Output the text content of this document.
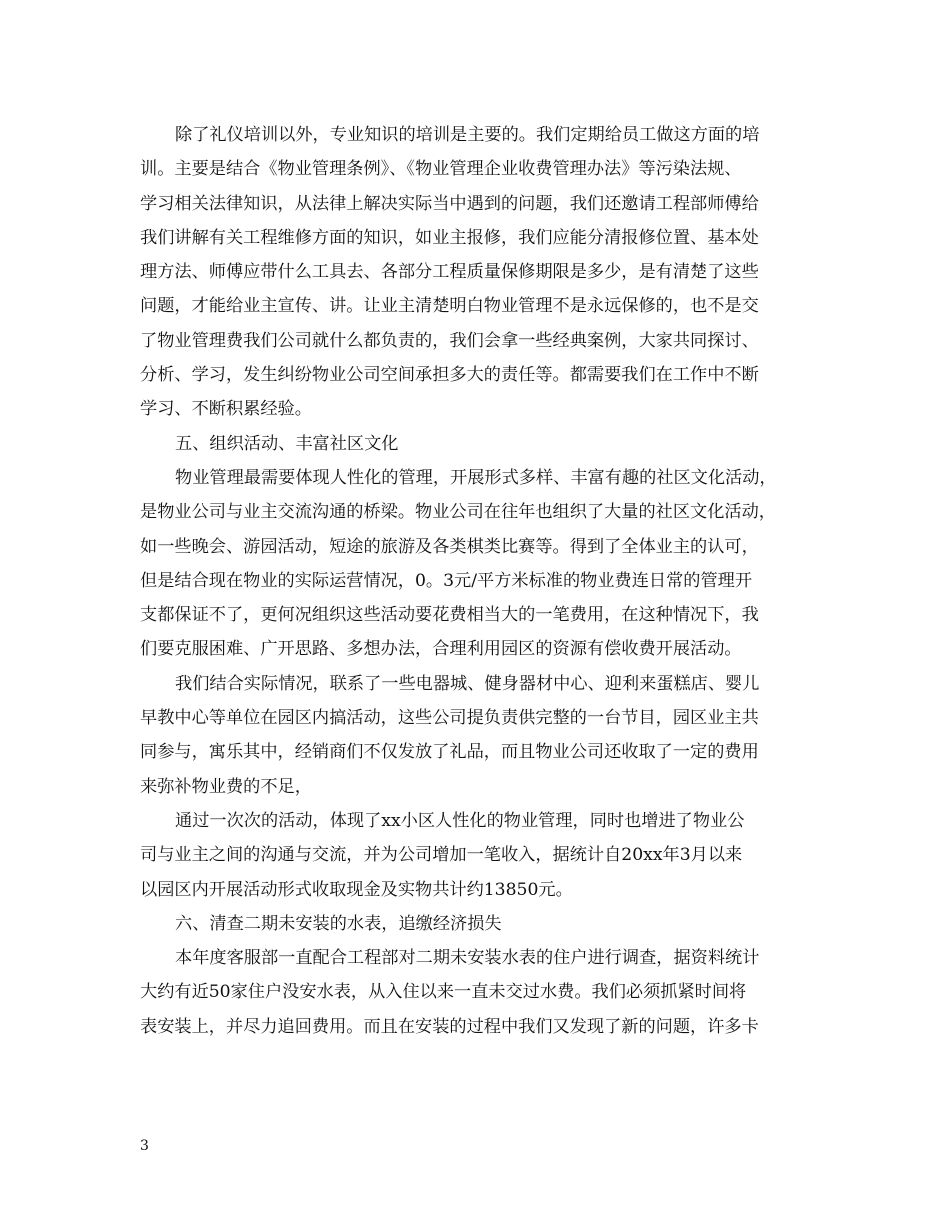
除了礼仪培训以外，专业知识的培训是主要的。我们定期给员工做这方面的培
训。主要是结合《物业管理条例》、《物业管理企业收费管理办法》等污染法规、
学习相关法律知识，从法律上解决实际当中遇到的问题，我们还邀请工程部师傅给
我们讲解有关工程维修方面的知识，如业主报修，我们应能分清报修位置、基本处
理方法、师傅应带什么工具去、各部分工程质量保修期限是多少，是有清楚了这些
问题，才能给业主宣传、讲。让业主清楚明白物业管理不是永远保修的，也不是交
了物业管理费我们公司就什么都负责的，我们会拿一些经典案例，大家共同探讨、
分析、学习，发生纠纷物业公司空间承担多大的责任等。都需要我们在工作中不断
学习、不断积累经验。
五、组织活动、丰富社区文化
物业管理最需要体现人性化的管理，开展形式多样、丰富有趣的社区文化活动，
是物业公司与业主交流沟通的桥梁。物业公司在往年也组织了大量的社区文化活动，
如一些晚会、游园活动，短途的旅游及各类棋类比赛等。得到了全体业主的认可，
但是结合现在物业的实际运营情况，0。3元/平方米标准的物业费连日常的管理开
支都保证不了，更何况组织这些活动要花费相当大的一笔费用，在这种情况下，我
们要克服困难、广开思路、多想办法，合理利用园区的资源有偿收费开展活动。
我们结合实际情况，联系了一些电器城、健身器材中心、迎利来蛋糕店、婴儿
早教中心等单位在园区内搞活动，这些公司提负责供完整的一台节目，园区业主共
同参与，寓乐其中，经销商们不仅发放了礼品，而且物业公司还收取了一定的费用
来弥补物业费的不足，
通过一次次的活动，体现了xx小区人性化的物业管理，同时也增进了物业公
司与业主之间的沟通与交流，并为公司增加一笔收入，据统计自20xx年3月以来
以园区内开展活动形式收取现金及实物共计约13850元。
六、清查二期未安装的水表，追缴经济损失
本年度客服部一直配合工程部对二期未安装水表的住户进行调查，据资料统计
大约有近50家住户没安水表，从入住以来一直未交过水费。我们必须抓紧时间将
表安装上，并尽力追回费用。而且在安装的过程中我们又发现了新的问题，许多卡
3
